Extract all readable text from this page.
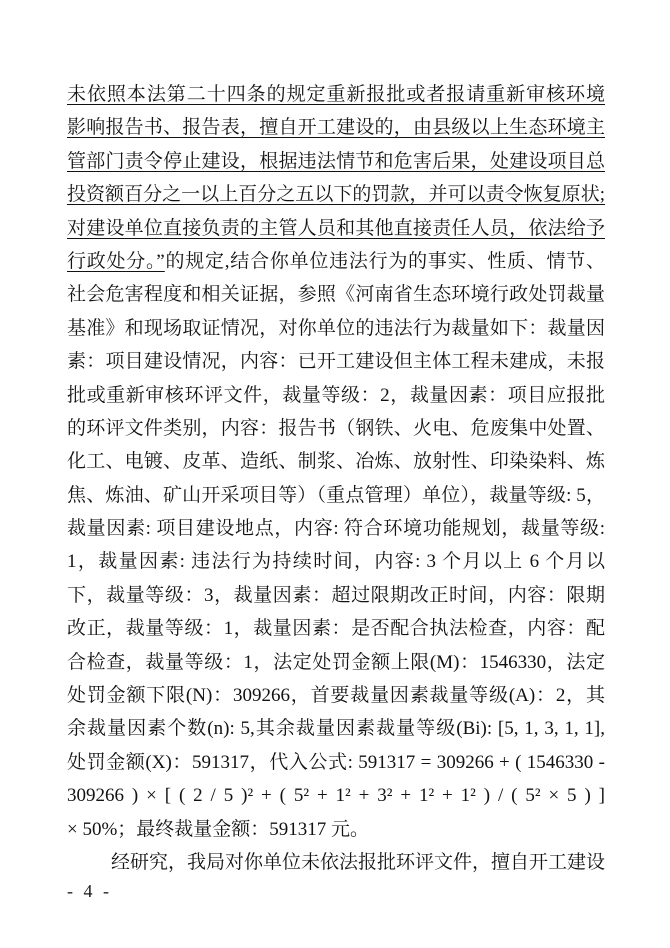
未依照本法第二十四条的规定重新报批或者报请重新审核环境
影响报告书、报告表，擅自开工建设的，由县级以上生态环境主
管部门责令停止建设，根据违法情节和危害后果，处建设项目总
投资额百分之一以上百分之五以下的罚款，并可以责令恢复原状;
对建设单位直接负责的主管人员和其他直接责任人员，依法给予
行政处分。”的规定,结合你单位违法行为的事实、性质、情节、
社会危害程度和相关证据，参照《河南省生态环境行政处罚裁量
基准》和现场取证情况，对你单位的违法行为裁量如下：裁量因
素：项目建设情况，内容：已开工建设但主体工程未建成，未报
批或重新审核环评文件，裁量等级：2，裁量因素：项目应报批
的环评文件类别，内容：报告书（钢铁、火电、危废集中处置、
化工、电镀、皮革、造纸、制浆、冶炼、放射性、印染染料、炼
焦、炼油、矿山开采项目等）（重点管理）单位），裁量等级: 5，
裁量因素: 项目建设地点，内容: 符合环境功能规划，裁量等级:
1，裁量因素: 违法行为持续时间，内容: 3 个月以上 6 个月以
下，裁量等级：3，裁量因素：超过限期改正时间，内容：限期
改正，裁量等级：1，裁量因素：是否配合执法检查，内容：配
合检查，裁量等级：1，法定处罚金额上限(M)：1546330，法定
处罚金额下限(N)：309266，首要裁量因素裁量等级(A)：2，其
余裁量因素个数(n): 5,其余裁量因素裁量等级(Bi): [5, 1, 3, 1, 1],
处罚金额(X)：591317，代入公式: 591317 = 309266 + ( 1546330 -
309266 ) × [ ( 2 / 5 )² + ( 5² + 1² + 3² + 1² + 1² ) / ( 5² × 5 ) ]
× 50%；最终裁量金额：591317 元。
经研究，我局对你单位未依法报批环评文件，擅自开工建设
- 4 -
